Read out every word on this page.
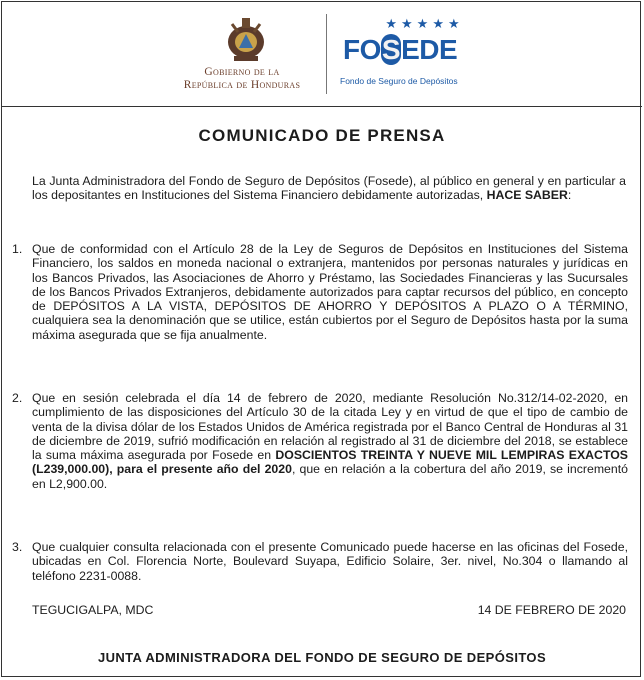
Gobierno de la
República de Honduras
★★★★★
FOSEDE
Fondo de Seguro de Depósitos
COMUNICADO DE PRENSA
La Junta Administradora del Fondo de Seguro de Depósitos (Fosede), al público en general y en particular a los depositantes en Instituciones del Sistema Financiero debidamente autorizadas, HACE SABER:
1. Que de conformidad con el Artículo 28 de la Ley de Seguros de Depósitos en Instituciones del Sistema Financiero, los saldos en moneda nacional o extranjera, mantenidos por personas naturales y jurídicas en los Bancos Privados, las Asociaciones de Ahorro y Préstamo, las Sociedades Financieras y las Sucursales de los Bancos Privados Extranjeros, debidamente autorizados para captar recursos del público, en concepto de DEPÓSITOS A LA VISTA, DEPÓSITOS DE AHORRO Y DEPÓSITOS A PLAZO O A TÉRMINO, cualquiera sea la denominación que se utilice, están cubiertos por el Seguro de Depósitos hasta por la suma máxima asegurada que se fija anualmente.
2. Que en sesión celebrada el día 14 de febrero de 2020, mediante Resolución No.312/14-02-2020, en cumplimiento de las disposiciones del Artículo 30 de la citada Ley y en virtud de que el tipo de cambio de venta de la divisa dólar de los Estados Unidos de América registrada por el Banco Central de Honduras al 31 de diciembre de 2019, sufrió modificación en relación al registrado al 31 de diciembre del 2018, se establece la suma máxima asegurada por Fosede en DOSCIENTOS TREINTA Y NUEVE MIL LEMPIRAS EXACTOS (L239,000.00), para el presente año del 2020, que en relación a la cobertura del año 2019, se incrementó en L2,900.00.
3. Que cualquier consulta relacionada con el presente Comunicado puede hacerse en las oficinas del Fosede, ubicadas en Col. Florencia Norte, Boulevard Suyapa, Edificio Solaire, 3er. nivel, No.304 o llamando al teléfono 2231-0088.
TEGUCIGALPA, MDC	14 DE FEBRERO DE 2020
JUNTA ADMINISTRADORA DEL FONDO DE SEGURO DE DEPÓSITOS
